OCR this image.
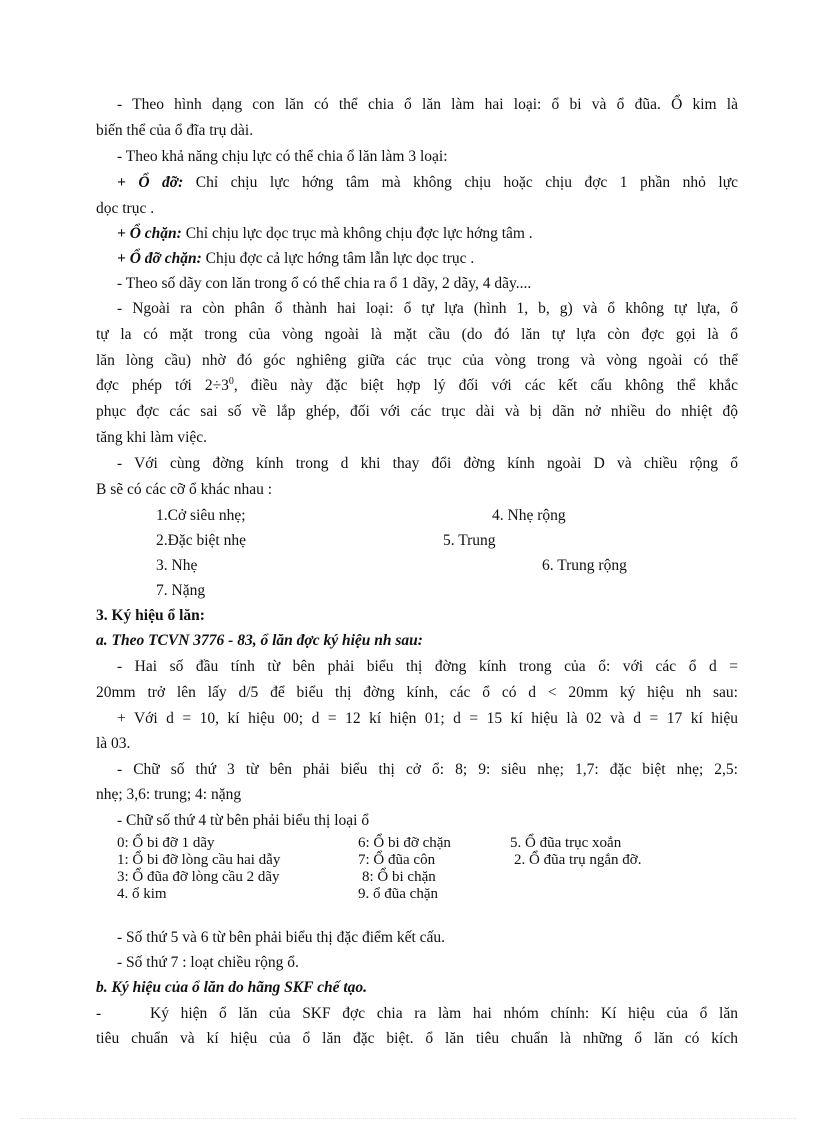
- Theo hình dạng con lăn có thể chia ổ lăn làm hai loại: ổ bi và ổ đũa. Ổ kim là
biến thể của ổ đĩa trụ dài.
- Theo khả năng chịu lực có thể chia ổ lăn làm 3 loại:
+ Ổ đỡ: Chỉ chịu lực hớng tâm mà không chịu hoặc chịu đợc 1 phần nhỏ lực
dọc trục .
+ Ổ chặn: Chỉ chịu lực dọc trục mà không chịu đợc lực hớng tâm .
+ Ổ đỡ chặn: Chịu đợc cả lực hớng tâm lẫn lực dọc trục .
- Theo số dãy con lăn trong ổ có thể chia ra ổ 1 dãy, 2 dãy, 4 dãy....
- Ngoài ra còn phân ổ thành hai loại: ổ tự lựa (hình 1, b, g) và ổ không tự lựa, ổ
tự la có mặt trong của vòng ngoài là mặt cầu (do đó lăn tự lựa còn đợc gọi là ổ
lăn lòng cầu) nhờ đó góc nghiêng giữa các trục của vòng trong và vòng ngoài có thể
đợc phép tới $2\div 3^0$, điều này đặc biệt hợp lý đối với các kết cấu không thể khắc
phục đợc các sai số về lắp ghép, đối với các trục dài và bị dãn nở nhiều do nhiệt độ
tăng khi làm việc.
- Với cùng đờng kính trong d khi thay đổi đờng kính ngoài D và chiều rộng ổ
B sẽ có các cỡ ổ khác nhau :
1.Cở siêu nhẹ;	4. Nhẹ rộng
2.Đặc biệt nhẹ	5. Trung
3. Nhẹ	6. Trung rộng
7. Nặng
3. Ký hiệu ổ lăn:
a. Theo TCVN 3776 - 83, ổ lăn đợc ký hiệu nh sau:
- Hai số đầu tính từ bên phải biểu thị đờng kính trong của ổ: với các ổ d =
20mm trở lên lấy d/5 để biểu thị đờng kính, các ổ có d < 20mm ký hiệu nh sau:
+ Với d = 10, kí hiệu 00; d = 12 kí hiện 01; d = 15 kí hiệu là 02 và d = 17 kí hiệu
là 03.
- Chữ số thứ 3 từ bên phải biểu thị cở ổ: 8; 9: siêu nhẹ; 1,7: đặc biệt nhẹ; 2,5:
nhẹ; 3,6: trung; 4: nặng
- Chữ số thứ 4 từ bên phải biểu thị loại ổ
0: Ổ bi đỡ 1 dãy	6: Ổ bi đỡ chặn	5. Ổ đũa trục xoắn
1: Ổ bi đỡ lòng cầu hai dẫy	7: Ổ đũa côn	2. Ổ đũa trụ ngắn đỡ.
3: Ổ đũa đỡ lòng cầu 2 dãy	8: Ổ bi chặn
4. ổ kim	9. ổ đũa chặn
- Số thứ 5 và 6 từ bên phải biểu thị đặc điểm kết cấu.
- Số thứ 7 : loạt chiều rộng ổ.
b. Ký hiệu của ổ lăn do hãng SKF chế tạo.
-	Ký hiện ổ lăn của SKF đợc chia ra làm hai nhóm chính: Kí hiệu của ổ lăn
tiêu chuẩn và kí hiệu của ổ lăn đặc biệt. ổ lăn tiêu chuẩn là những ổ lăn có kích
